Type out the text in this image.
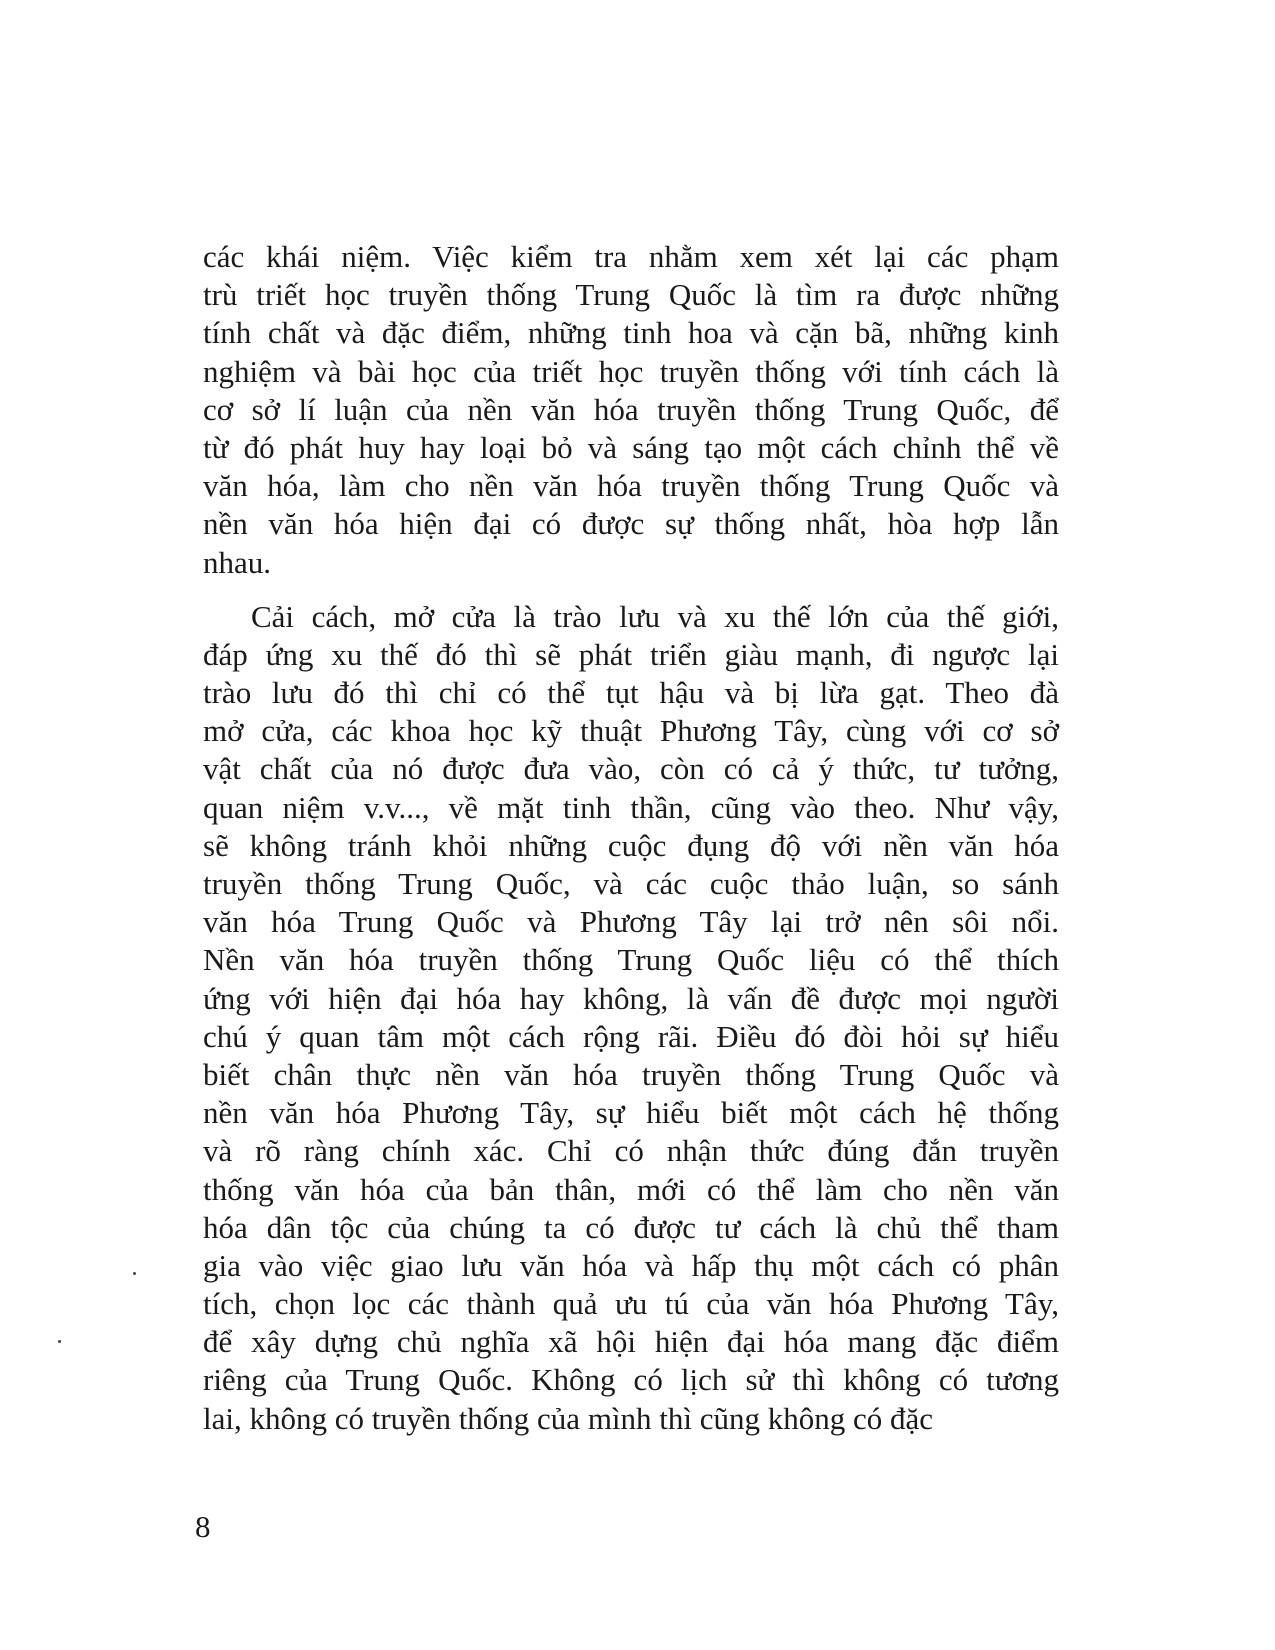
các khái niệm. Việc kiểm tra nhằm xem xét lại các phạm
trù triết học truyền thống Trung Quốc là tìm ra được những
tính chất và đặc điểm, những tinh hoa và cặn bã, những kinh
nghiệm và bài học của triết học truyền thống với tính cách là
cơ sở lí luận của nền văn hóa truyền thống Trung Quốc, để
từ đó phát huy hay loại bỏ và sáng tạo một cách chỉnh thể về
văn hóa, làm cho nền văn hóa truyền thống Trung Quốc và
nền văn hóa hiện đại có được sự thống nhất, hòa hợp lẫn
nhau.
Cải cách, mở cửa là trào lưu và xu thế lớn của thế giới,
đáp ứng xu thế đó thì sẽ phát triển giàu mạnh, đi ngược lại
trào lưu đó thì chỉ có thể tụt hậu và bị lừa gạt. Theo đà
mở cửa, các khoa học kỹ thuật Phương Tây, cùng với cơ sở
vật chất của nó được đưa vào, còn có cả ý thức, tư tưởng,
quan niệm v.v..., về mặt tinh thần, cũng vào theo. Như vậy,
sẽ không tránh khỏi những cuộc đụng độ với nền văn hóa
truyền thống Trung Quốc, và các cuộc thảo luận, so sánh
văn hóa Trung Quốc và Phương Tây lại trở nên sôi nổi.
Nền văn hóa truyền thống Trung Quốc liệu có thể thích
ứng với hiện đại hóa hay không, là vấn đề được mọi người
chú ý quan tâm một cách rộng rãi. Điều đó đòi hỏi sự hiểu
biết chân thực nền văn hóa truyền thống Trung Quốc và
nền văn hóa Phương Tây, sự hiểu biết một cách hệ thống
và rõ ràng chính xác. Chỉ có nhận thức đúng đắn truyền
thống văn hóa của bản thân, mới có thể làm cho nền văn
hóa dân tộc của chúng ta có được tư cách là chủ thể tham
gia vào việc giao lưu văn hóa và hấp thụ một cách có phân
tích, chọn lọc các thành quả ưu tú của văn hóa Phương Tây,
để xây dựng chủ nghĩa xã hội hiện đại hóa mang đặc điểm
riêng của Trung Quốc. Không có lịch sử thì không có tương
lai, không có truyền thống của mình thì cũng không có đặc
8
